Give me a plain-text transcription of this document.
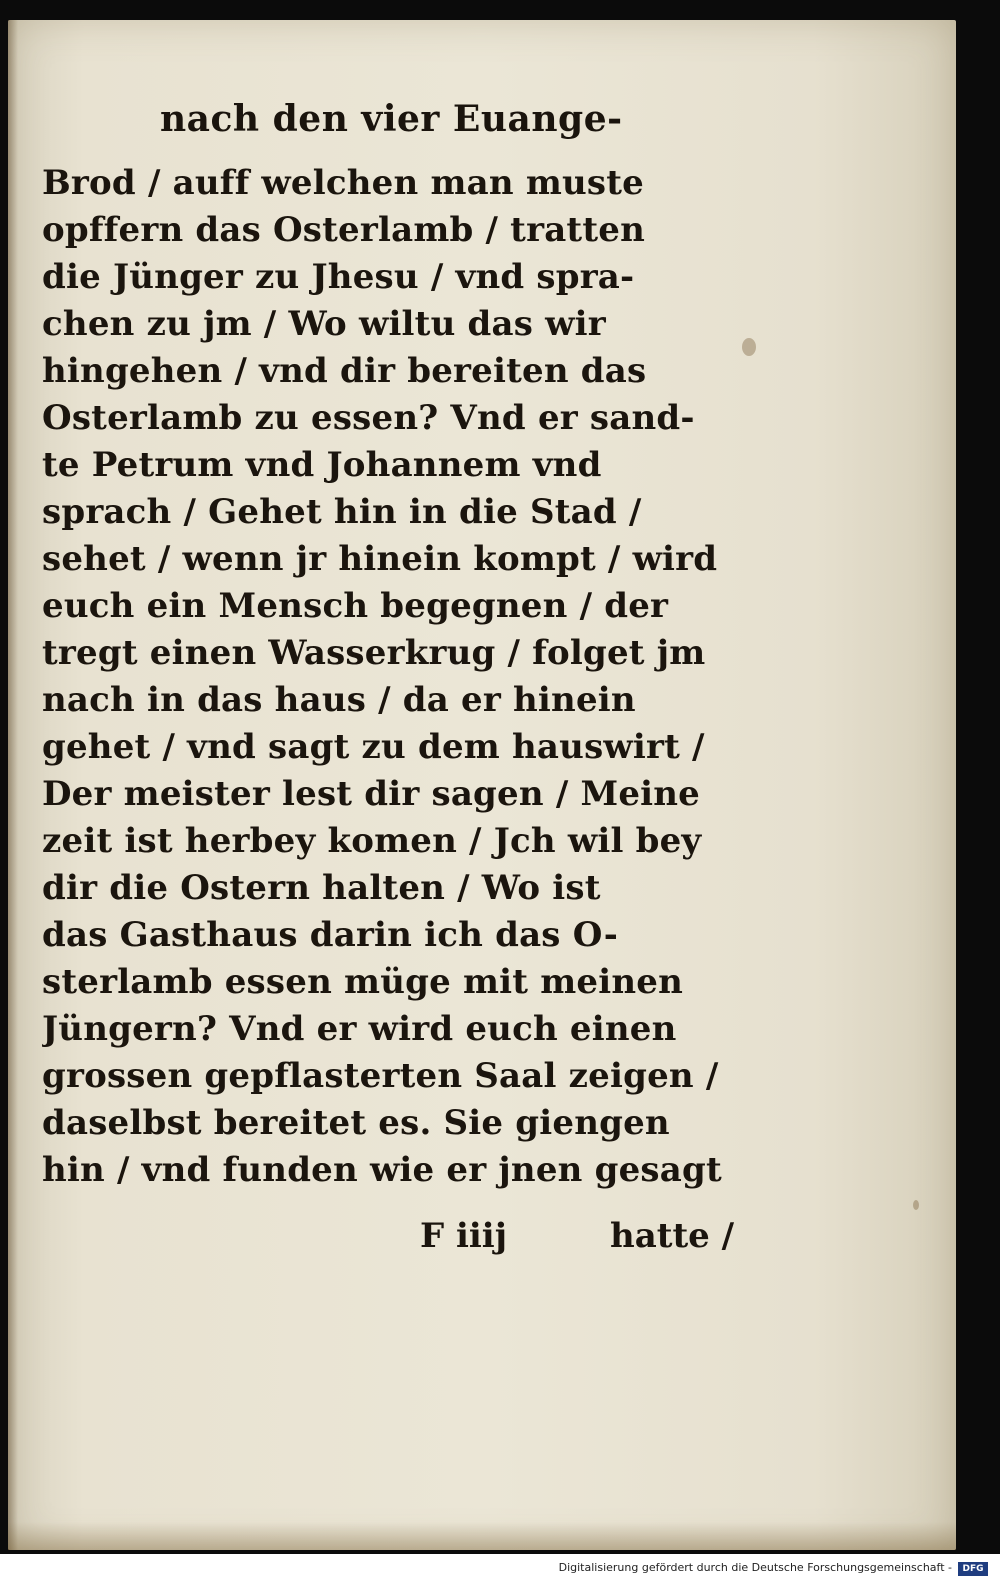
nach den vier Euange-
Brod / auff welchen man muste
opffern das Osterlamb / tratten
die Jünger zu Jhesu / vnd spra-
chen zu jm / Wo wiltu das wir
hingehen / vnd dir bereiten das
Osterlamb zu essen? Vnd er sand-
te Petrum vnd Johannem vnd
sprach / Gehet hin in die Stad /
sehet / wenn jr hinein kompt / wird
euch ein Mensch begegnen / der
tregt einen Wasserkrug / folget jm
nach in das haus / da er hinein
gehet / vnd sagt zu dem hauswirt /
Der meister lest dir sagen / Meine
zeit ist herbey komen / Jch wil bey
dir die Ostern halten / Wo ist
das Gasthaus darin ich das O-
sterlamb essen müge mit meinen
Jüngern? Vnd er wird euch einen
grossen gepflasterten Saal zeigen /
daselbst bereitet es. Sie giengen
hin / vnd funden wie er jnen gesagt
F iiij	hatte /
Digitalisierung gefördert durch die Deutsche Forschungsgemeinschaft -	DFG
